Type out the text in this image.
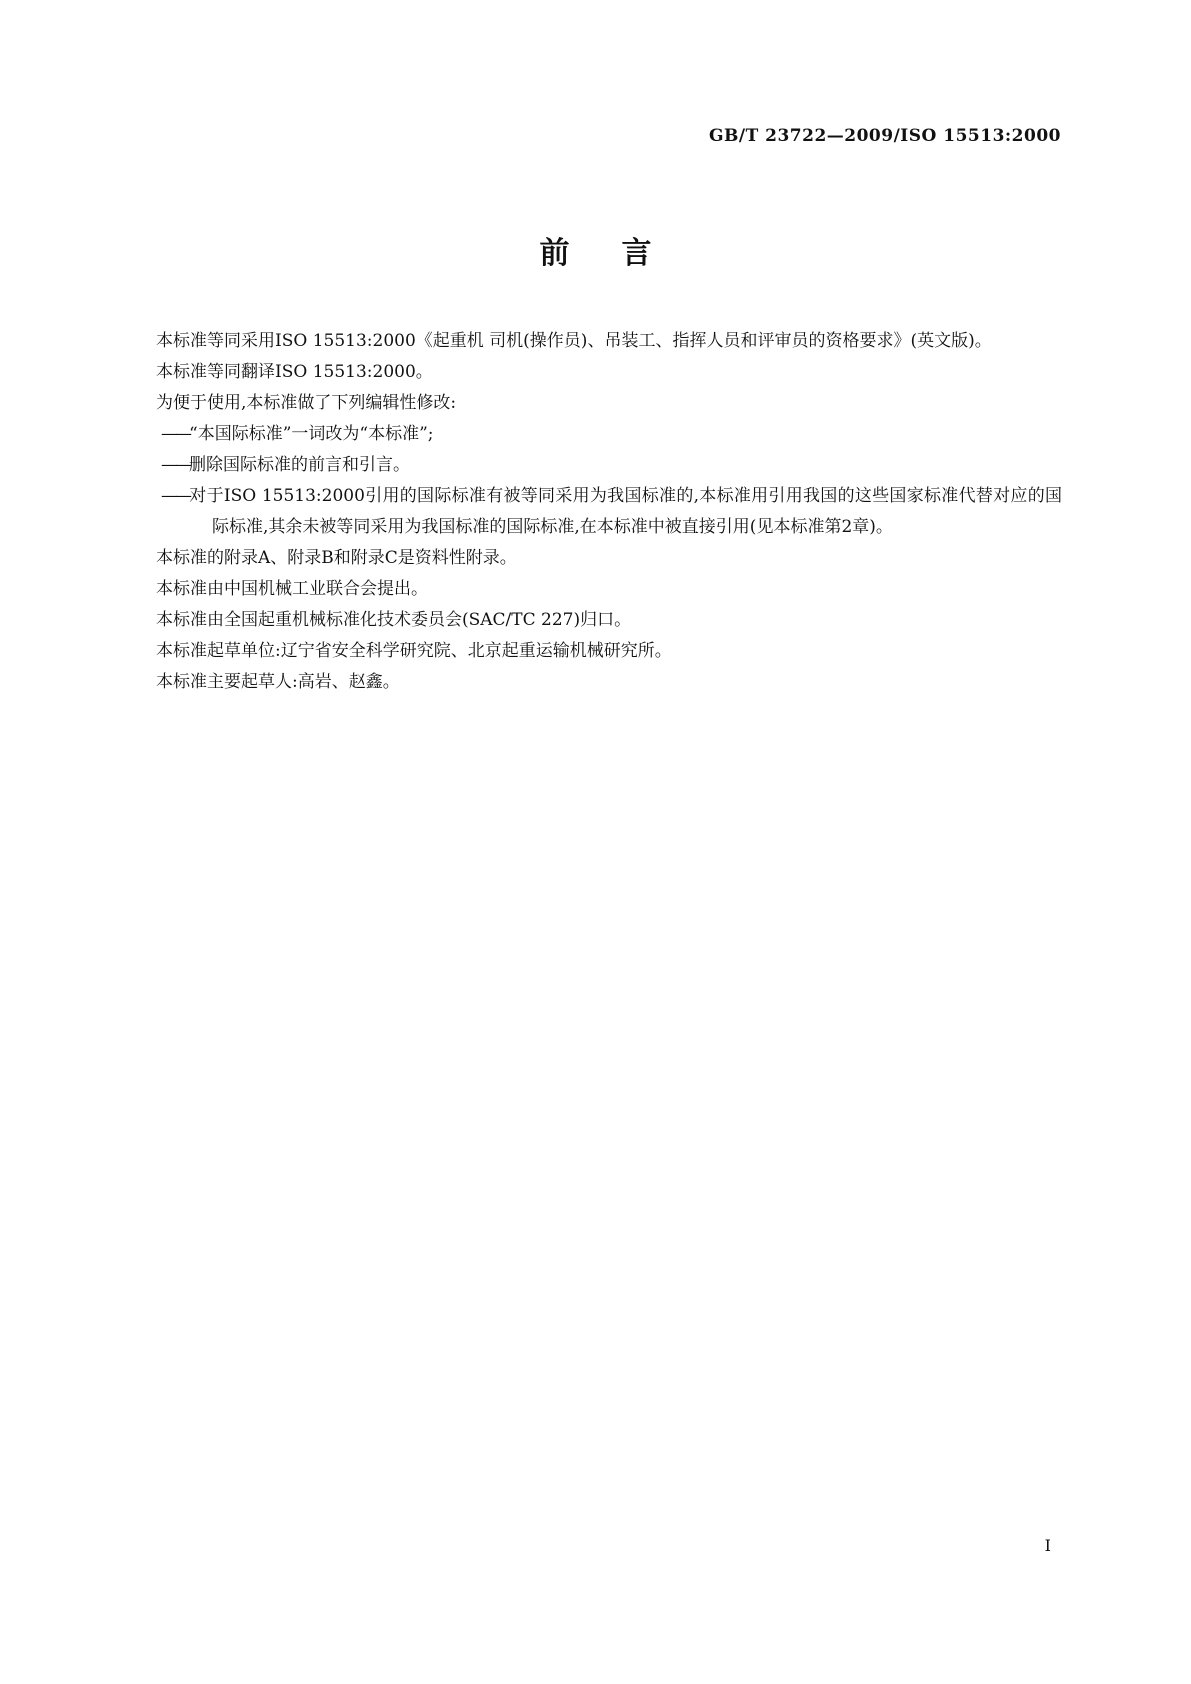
GB/T 23722—2009/ISO 15513:2000
前言

本标准等同采用ISO 15513:2000《起重机 司机(操作员)、吊装工、指挥人员和评审员的资格要求》(英文版)。

本标准等同翻译ISO 15513:2000。

为便于使用,本标准做了下列编辑性修改:

——“本国际标准”一词改为“本标准”;

——删除国际标准的前言和引言。

——对于ISO 15513:2000引用的国际标准有被等同采用为我国标准的,本标准用引用我国的这些国家标准代替对应的国际标准,其余未被等同采用为我国标准的国际标准,在本标准中被直接引用(见本标准第2章)。

本标准的附录A、附录B和附录C是资料性附录。

本标准由中国机械工业联合会提出。

本标准由全国起重机械标准化技术委员会(SAC/TC 227)归口。

本标准起草单位:辽宁省安全科学研究院、北京起重运输机械研究所。

本标准主要起草人:高岩、赵鑫。

I
